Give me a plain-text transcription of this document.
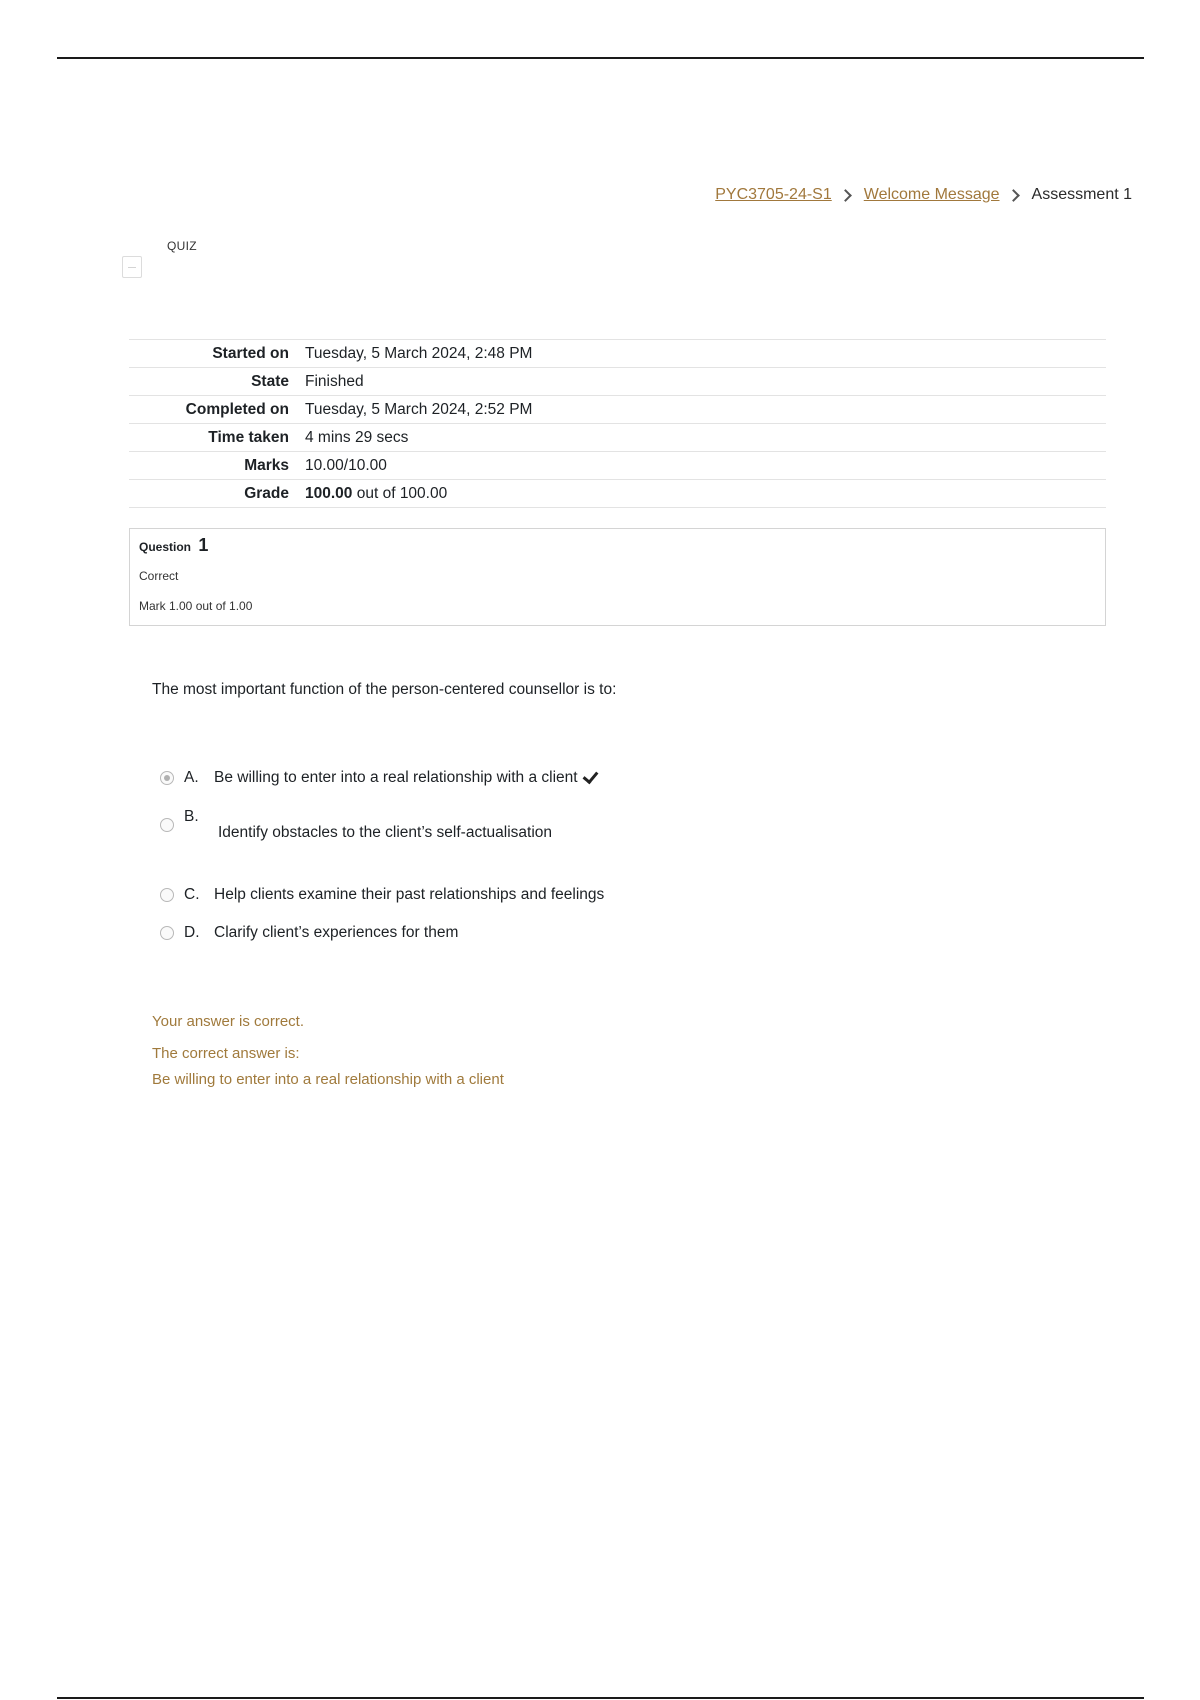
PYC3705-24-S1 Welcome Message Assessment 1
QUIZ
Started on	Tuesday, 5 March 2024, 2:48 PM
State	Finished
Completed on	Tuesday, 5 March 2024, 2:52 PM
Time taken	4 mins 29 secs
Marks	10.00/10.00
Grade	100.00 out of 100.00
Question 1
Correct
Mark 1.00 out of 1.00
The most important function of the person-centered counsellor is to:
A. Be willing to enter into a real relationship with a client
B.
Identify obstacles to the client’s self-actualisation
C. Help clients examine their past relationships and feelings
D. Clarify client’s experiences for them
Your answer is correct.
The correct answer is:
Be willing to enter into a real relationship with a client
